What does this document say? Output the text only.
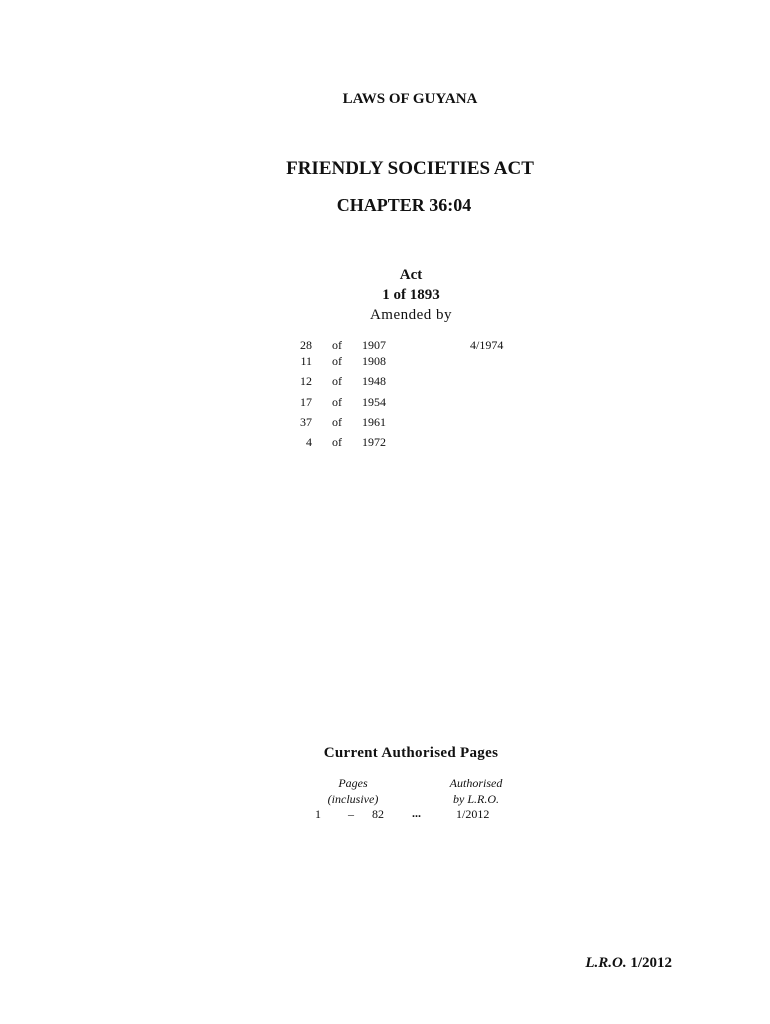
LAWS OF GUYANA
FRIENDLY SOCIETIES ACT
CHAPTER 36:04
Act
1 of 1893
Amended by
28 of 1907	4/1974
11 of 1908
12 of 1948
17 of 1954
37 of 1961
4 of 1972
Current Authorised Pages
Pages
(inclusive)
Authorised
by L.R.O.
1 – 82 ...	1/2012
L.R.O. 1/2012
